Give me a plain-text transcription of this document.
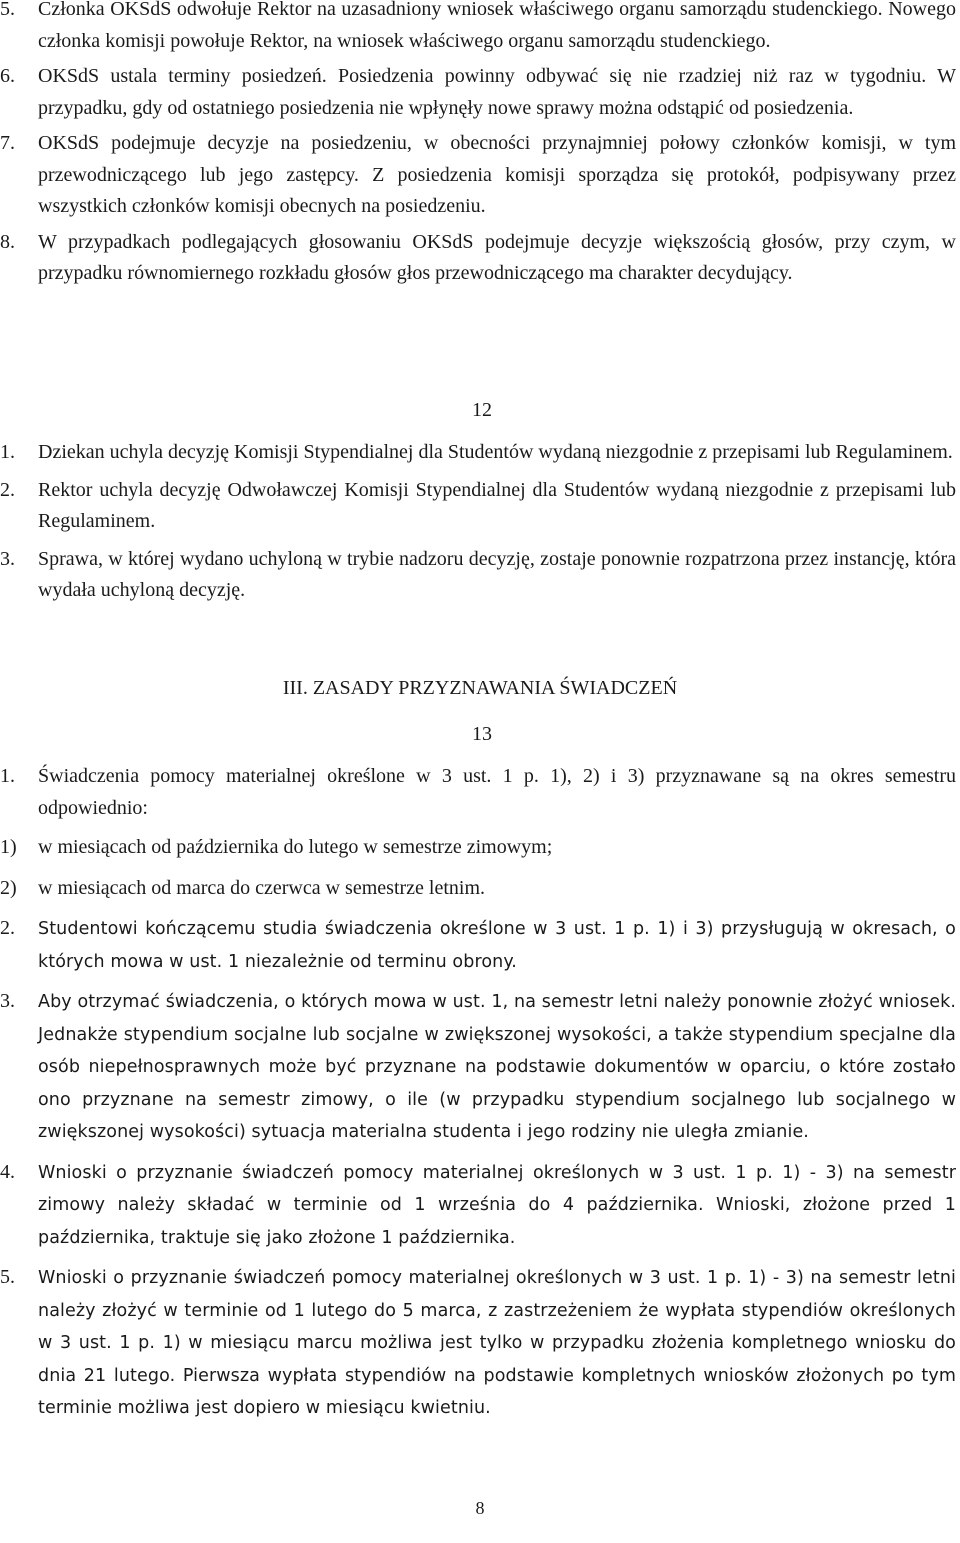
5. Członka OKSdS odwołuje Rektor na uzasadniony wniosek właściwego organu samorządu studenckiego. Nowego członka komisji powołuje Rektor, na wniosek właściwego organu samorządu studenckiego.
6. OKSdS ustala terminy posiedzeń. Posiedzenia powinny odbywać się nie rzadziej niż raz w tygodniu. W przypadku, gdy od ostatniego posiedzenia nie wpłynęły nowe sprawy można odstąpić od posiedzenia.
7. OKSdS podejmuje decyzje na posiedzeniu, w obecności przynajmniej połowy członków komisji, w tym przewodniczącego lub jego zastępcy. Z posiedzenia komisji sporządza się protokół, podpisywany przez wszystkich członków komisji obecnych na posiedzeniu.
8. W przypadkach podlegających głosowaniu OKSdS podejmuje decyzje większością głosów, przy czym, w przypadku równomiernego rozkładu głosów głos przewodniczącego ma charakter decydujący.
12
1. Dziekan uchyla decyzję Komisji Stypendialnej dla Studentów wydaną niezgodnie z przepisami lub Regulaminem.
2. Rektor uchyla decyzję Odwoławczej Komisji Stypendialnej dla Studentów wydaną niezgodnie z przepisami lub Regulaminem.
3. Sprawa, w której wydano uchyloną w trybie nadzoru decyzję, zostaje ponownie rozpatrzona przez instancję, która wydała uchyloną decyzję.
III. ZASADY PRZYZNAWANIA ŚWIADCZEŃ
13
1. Świadczenia pomocy materialnej określone w 3 ust. 1 p. 1), 2) i 3) przyznawane są na okres semestru odpowiednio:
1) w miesiącach od października do lutego w semestrze zimowym;
2) w miesiącach od marca do czerwca w semestrze letnim.
2. Studentowi kończącemu studia świadczenia określone w 3 ust. 1 p. 1) i 3) przysługują w okresach, o których mowa w ust. 1 niezależnie od terminu obrony.
3. Aby otrzymać świadczenia, o których mowa w ust. 1, na semestr letni należy ponownie złożyć wniosek. Jednakże stypendium socjalne lub socjalne w zwiększonej wysokości, a także stypendium specjalne dla osób niepełnosprawnych może być przyznane na podstawie dokumentów w oparciu, o które zostało ono przyznane na semestr zimowy, o ile (w przypadku stypendium socjalnego lub socjalnego w zwiększonej wysokości) sytuacja materialna studenta i jego rodziny nie uległa zmianie.
4. Wnioski o przyznanie świadczeń pomocy materialnej określonych w 3 ust. 1 p. 1) - 3) na semestr zimowy należy składać w terminie od 1 września do 4 października. Wnioski, złożone przed 1 października, traktuje się jako złożone 1 października.
5. Wnioski o przyznanie świadczeń pomocy materialnej określonych w 3 ust. 1 p. 1) - 3) na semestr letni należy złożyć w terminie od 1 lutego do 5 marca, z zastrzeżeniem że wypłata stypendiów określonych w 3 ust. 1 p. 1) w miesiącu marcu możliwa jest tylko w przypadku złożenia kompletnego wniosku do dnia 21 lutego. Pierwsza wypłata stypendiów na podstawie kompletnych wniosków złożonych po tym terminie możliwa jest dopiero w miesiącu kwietniu.
8
